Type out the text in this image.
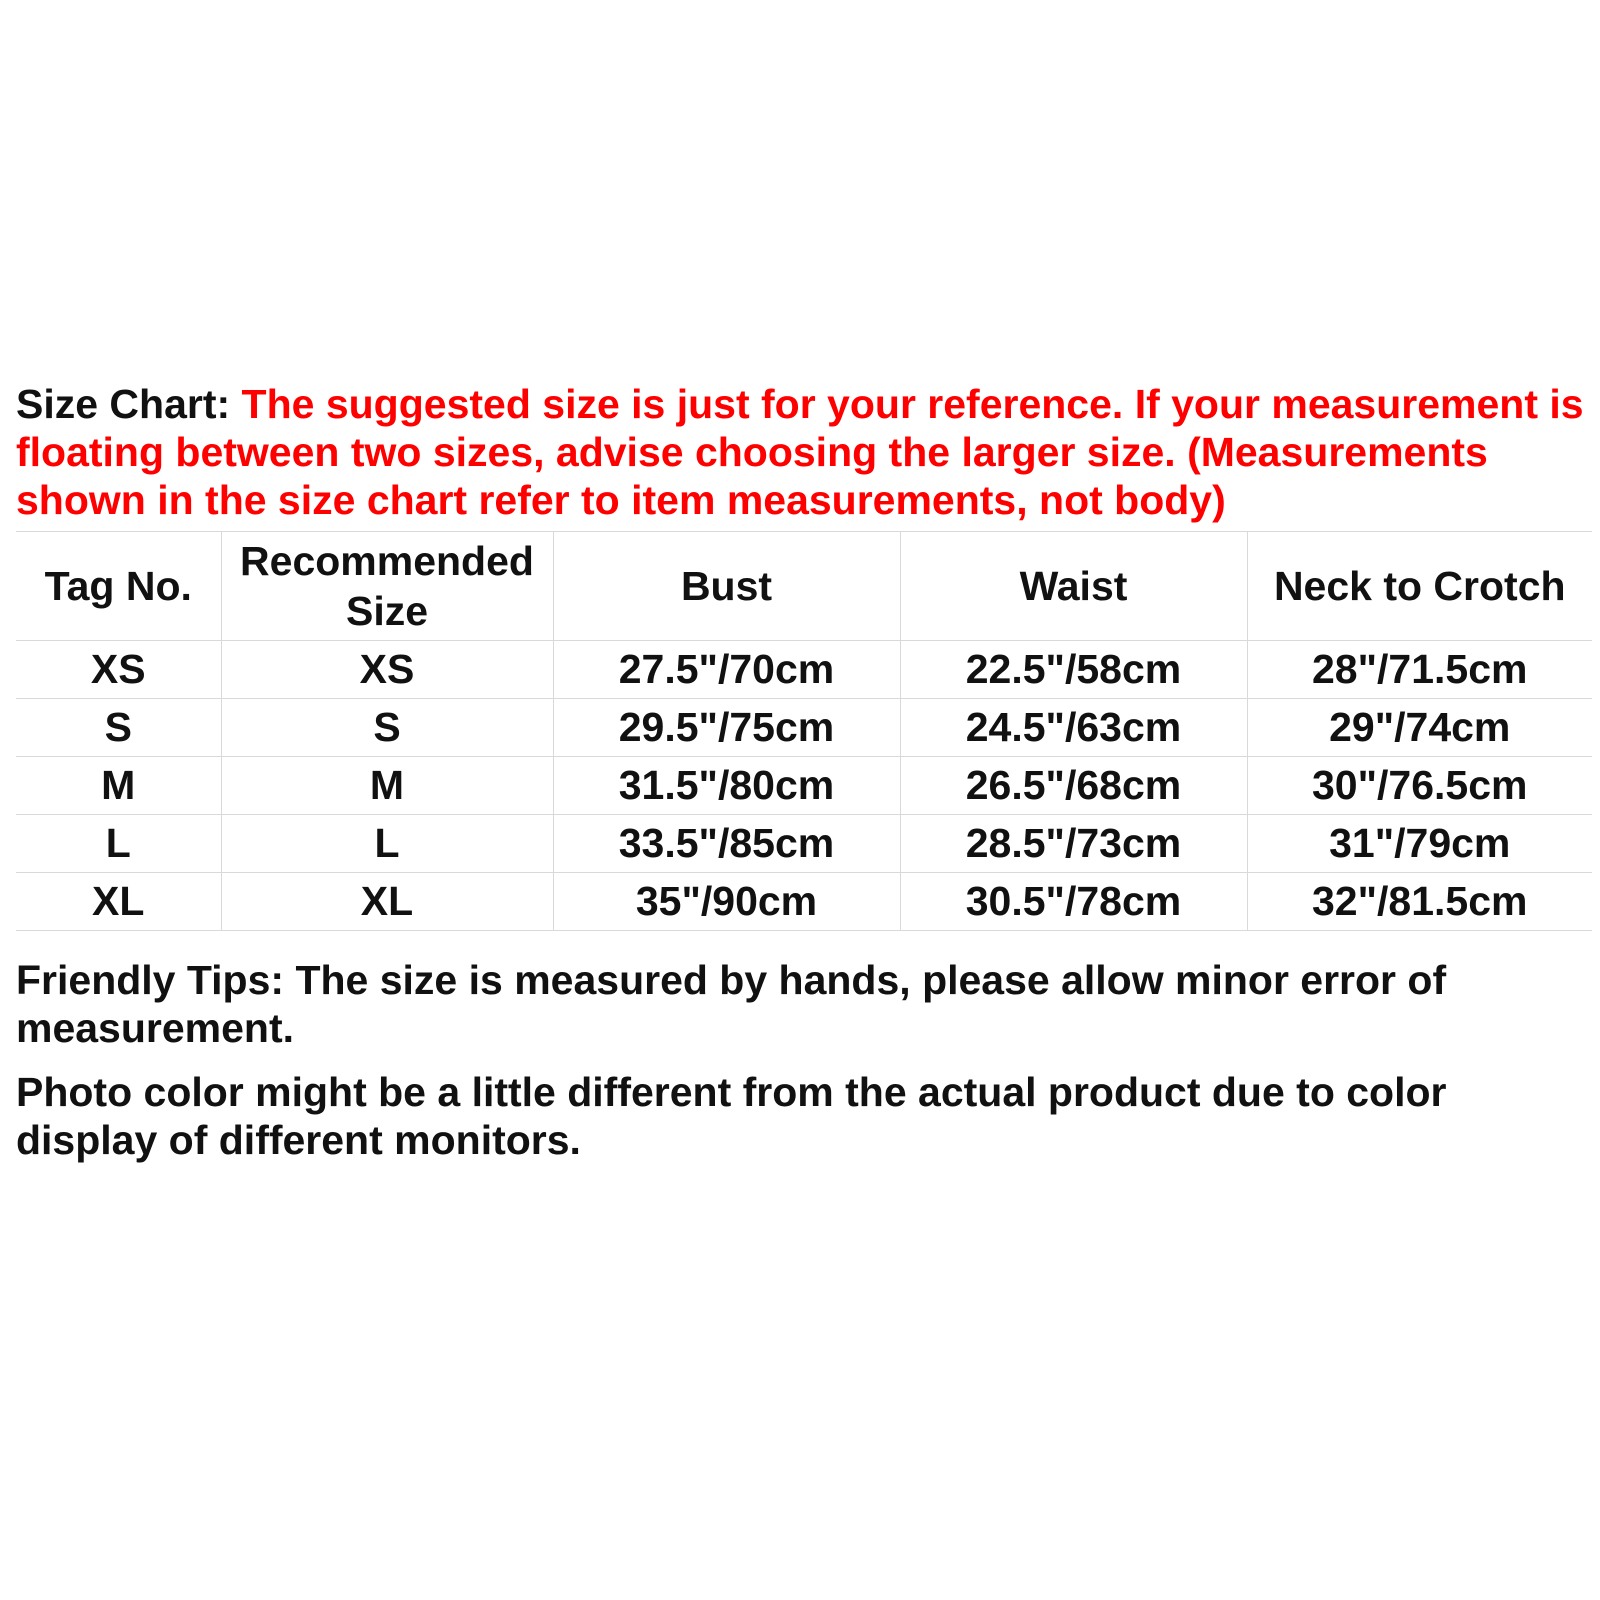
Size Chart: The suggested size is just for your reference. If your measurement is floating between two sizes, advise choosing the larger size. (Measurements shown in the size chart refer to item measurements, not body)

Tag No.	Recommended Size	Bust	Waist	Neck to Crotch
XS	XS	27.5"/70cm	22.5"/58cm	28"/71.5cm
S	S	29.5"/75cm	24.5"/63cm	29"/74cm
M	M	31.5"/80cm	26.5"/68cm	30"/76.5cm
L	L	33.5"/85cm	28.5"/73cm	31"/79cm
XL	XL	35"/90cm	30.5"/78cm	32"/81.5cm

Friendly Tips: The size is measured by hands, please allow minor error of measurement.

Photo color might be a little different from the actual product due to color display of different monitors.
